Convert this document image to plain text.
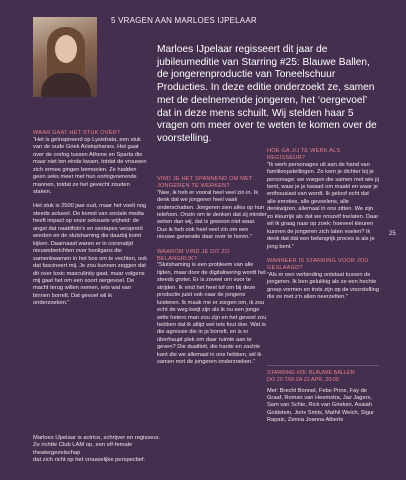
5 VRAGEN AAN MARLOES IJPELAAR
Marloes IJpelaar regisseert dit jaar de jubileumeditie van Starring #25: Blauwe Ballen, de jongerenproductie van Toneelschuur Producties. In deze editie onderzoekt ze, samen met de deelnemende jongeren, het ‘oergevoel’ dat in deze mens schuilt. Wij stelden haar 5 vragen om meer over te weten te komen over de voorstelling.
WAAR GAAT HET STUK OVER?

“Het is geïnspireerd op Lysistrata, een stuk van de oude Griek Aristophanes. Het gaat over de oorlog tussen Athene en Sparta die maar niet ten einde kwam, totdat de vrouwen zich ermee gingen bemoeien. Ze hadden geen seks meer met hun oorlogvoerende mannen, totdat ze het gevecht zouden staken.

Het stuk is 2500 jaar oud, maar het voelt nog steeds actueel. De komst van sociale media heeft impact op onze seksuele vrijheid: de angst dat naaktfoto’s en sextapes verspreid worden en de slutshaming die daarbij komt kijken. Daarnaast waren er in coronatijd nieuwsberichten over hooligans die samenkwamen in het bos om te vechten, ook dat fascineert mij. Je zou kunnen zeggen dat dit over toxic masculinity gaat, maar volgens mij gaat het om een soort oergevoel. De macht terug willen nemen, iets wat van binnen borrelt. Dat gevoel wil ik onderzoeken.”

VIND JE HET SPANNEND OM MET JONGEREN TE WERKEN?

“Nee, ik heb er vooral heel veel zin in. Ik denk dat we jongeren heel vaak onderschatten. Jongeren zien alles op hun telefoon. Onzin om te denken dat zij minder weten dan wij, dat is gewoon niet waar. Dus ik heb ook heel veel zin om een nieuwe generatie daar over te horen.”

WAAROM VIND JE DIT ZO BELANGRIJK?

“Slutshaming is een probleem van alle tijden, maar door de digitalisering wordt het steeds groter. Er is zoveel om voor te strijden. Ik vind het heel tof om bij deze productie juist ook naar de jongens luisteren. Ik maak me er zorgen om, ik zou echt de weg kwijt zijn als ik nu een jonge witte hetero man zou zijn en het gevoel zou hebben dat ik altijd wel iets fout doe. Wat is die agressie die in je borrelt, en is er überhaupt plek om daar ruimte aan te geven? Die dualiteit, die harde en zachte kant die we allemaal in ons hebben, wil ik samen met de jongeren onderzoeken.”

HOE GA JIJ TE WERK ALS REGISSEUR?

“Ik werk personages uit aan de hand van familieopstellingen. Zo kom je dichter bij je personage: we voegen die samen met wie jij bent, waar je je kwaad om maakt en waar je enthousiast van wordt. Ik geloof echt dat alle emoties, alle gevoelens, alle denkwijzen, allemaal in ons zitten. We zijn zo kleurrijk als dat we onszelf toelaten. Daar wil ik graag naar op zoek: hoeveel kleuren kunnen de jongeren zich laten voelen? Ik denk dat dat een belangrijk proces is als je jong bent.”

WANNEER IS STARRING VOOR JOU GESLAAGD?

“Als er een verbinding ontstaat tussen de jongeren. Ik ben gelukkig als ze een hechte groep vormen en trots zijn op de voorstelling die ze met z’n allen neerzetten.”

25
STARRING #25: BLAUWE BALLEN
DO 20 T/M ZA 22 APR, 20:00
Met: Brecht Bonnet, Febe Prins, Fay de Graaf, Roman van Heemstra, Jaz Jagers, Sam van Schie, Rick van Grieken, Asaiah Goldstein, Joris Smits, Mathil Weich, Sigur Rapaic, Zenna Joanna Alberts
Marloes IJpelaar is actrice, schrijver en regisseur.
Ze richtte Club LAM op, een elf-female theatergezelschap
dat zich richt op het vrouwelijke perspectief.
